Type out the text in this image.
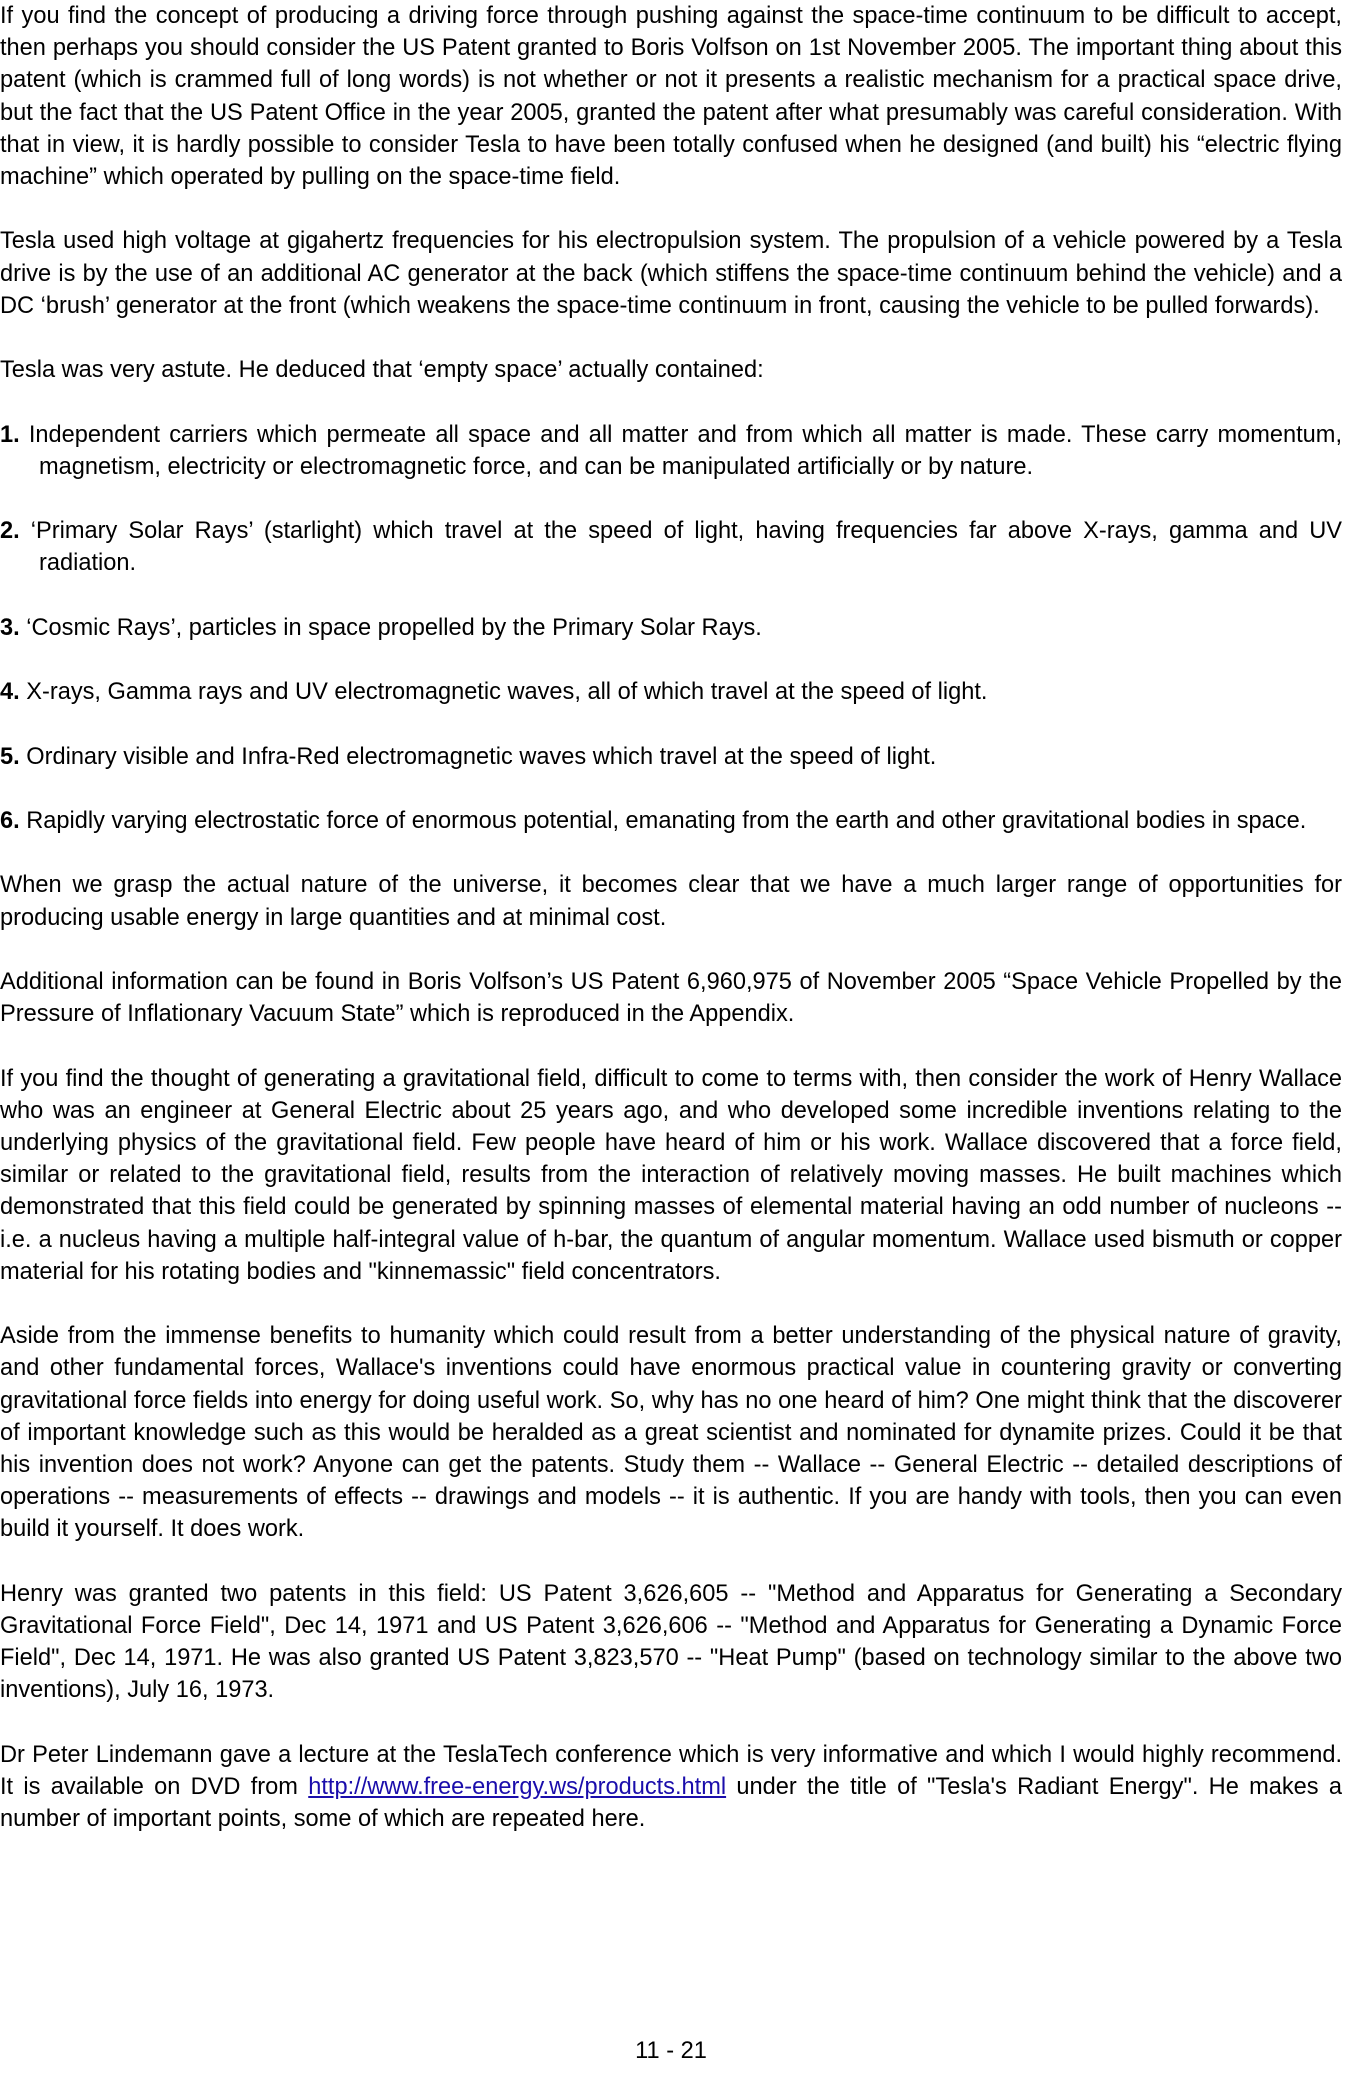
If you find the concept of producing a driving force through pushing against the space-time continuum to be difficult to accept, then perhaps you should consider the US Patent granted to Boris Volfson on 1st November 2005. The important thing about this patent (which is crammed full of long words) is not whether or not it presents a realistic mechanism for a practical space drive, but the fact that the US Patent Office in the year 2005, granted the patent after what presumably was careful consideration. With that in view, it is hardly possible to consider Tesla to have been totally confused when he designed (and built) his “electric flying machine” which operated by pulling on the space-time field.

Tesla used high voltage at gigahertz frequencies for his electropulsion system. The propulsion of a vehicle powered by a Tesla drive is by the use of an additional AC generator at the back (which stiffens the space-time continuum behind the vehicle) and a DC ‘brush’ generator at the front (which weakens the space-time continuum in front, causing the vehicle to be pulled forwards).

Tesla was very astute. He deduced that ‘empty space’ actually contained:

1. Independent carriers which permeate all space and all matter and from which all matter is made. These carry momentum, magnetism, electricity or electromagnetic force, and can be manipulated artificially or by nature.

2. ‘Primary Solar Rays’ (starlight) which travel at the speed of light, having frequencies far above X-rays, gamma and UV radiation.

3. ‘Cosmic Rays’, particles in space propelled by the Primary Solar Rays.

4. X-rays, Gamma rays and UV electromagnetic waves, all of which travel at the speed of light.

5. Ordinary visible and Infra-Red electromagnetic waves which travel at the speed of light.

6. Rapidly varying electrostatic force of enormous potential, emanating from the earth and other gravitational bodies in space.

When we grasp the actual nature of the universe, it becomes clear that we have a much larger range of opportunities for producing usable energy in large quantities and at minimal cost.

Additional information can be found in Boris Volfson’s US Patent 6,960,975 of November 2005 “Space Vehicle Propelled by the Pressure of Inflationary Vacuum State” which is reproduced in the Appendix.

If you find the thought of generating a gravitational field, difficult to come to terms with, then consider the work of Henry Wallace who was an engineer at General Electric about 25 years ago, and who developed some incredible inventions relating to the underlying physics of the gravitational field. Few people have heard of him or his work. Wallace discovered that a force field, similar or related to the gravitational field, results from the interaction of relatively moving masses. He built machines which demonstrated that this field could be generated by spinning masses of elemental material having an odd number of nucleons -- i.e. a nucleus having a multiple half-integral value of h-bar, the quantum of angular momentum. Wallace used bismuth or copper material for his rotating bodies and "kinnemassic" field concentrators.

Aside from the immense benefits to humanity which could result from a better understanding of the physical nature of gravity, and other fundamental forces, Wallace's inventions could have enormous practical value in countering gravity or converting gravitational force fields into energy for doing useful work. So, why has no one heard of him? One might think that the discoverer of important knowledge such as this would be heralded as a great scientist and nominated for dynamite prizes. Could it be that his invention does not work? Anyone can get the patents. Study them -- Wallace -- General Electric -- detailed descriptions of operations -- measurements of effects -- drawings and models -- it is authentic. If you are handy with tools, then you can even build it yourself. It does work.

Henry was granted two patents in this field: US Patent 3,626,605 -- "Method and Apparatus for Generating a Secondary Gravitational Force Field", Dec 14, 1971 and US Patent 3,626,606 -- "Method and Apparatus for Generating a Dynamic Force Field", Dec 14, 1971. He was also granted US Patent 3,823,570 -- "Heat Pump" (based on technology similar to the above two inventions), July 16, 1973.

Dr Peter Lindemann gave a lecture at the TeslaTech conference which is very informative and which I would highly recommend. It is available on DVD from http://www.free-energy.ws/products.html under the title of "Tesla's Radiant Energy". He makes a number of important points, some of which are repeated here.

11 - 21
